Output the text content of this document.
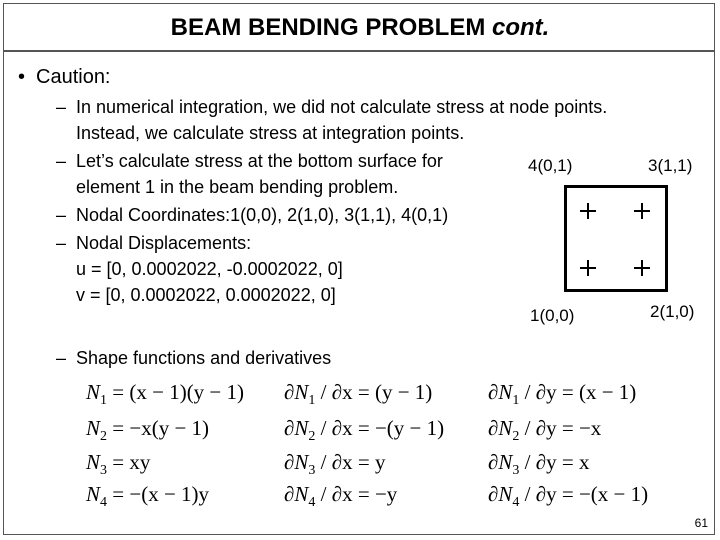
BEAM BENDING PROBLEM cont.
• Caution:
– In numerical integration, we did not calculate stress at node points.
Instead, we calculate stress at integration points.
– Let’s calculate stress at the bottom surface for
element 1 in the beam bending problem.
– Nodal Coordinates:1(0,0), 2(1,0), 3(1,1), 4(0,1)
– Nodal Displacements:
u = [0, 0.0002022, -0.0002022, 0]
v = [0, 0.0002022, 0.0002022, 0]
– Shape functions and derivatives
4(0,1)	3(1,1)
1(0,0)	2(1,0)
$N_1 = (x - 1)(y - 1)$
$N_2 = -x(y - 1)$
$N_3$ = xy
$N_4 = -(x - 1)y$
$\partial N_1 / \partial x = (y - 1)$
$\partial N_2 / \partial x = -(y - 1)$
$\partial N_3 / \partial x = y$
$\partial N_4 / \partial x = -y$
$\partial N_1 / \partial y = (x - 1)$
$\partial N_2 / \partial y = -x$
$\partial N_3 / \partial y = x$
$\partial N_4 / \partial y = -(x - 1)$
61
